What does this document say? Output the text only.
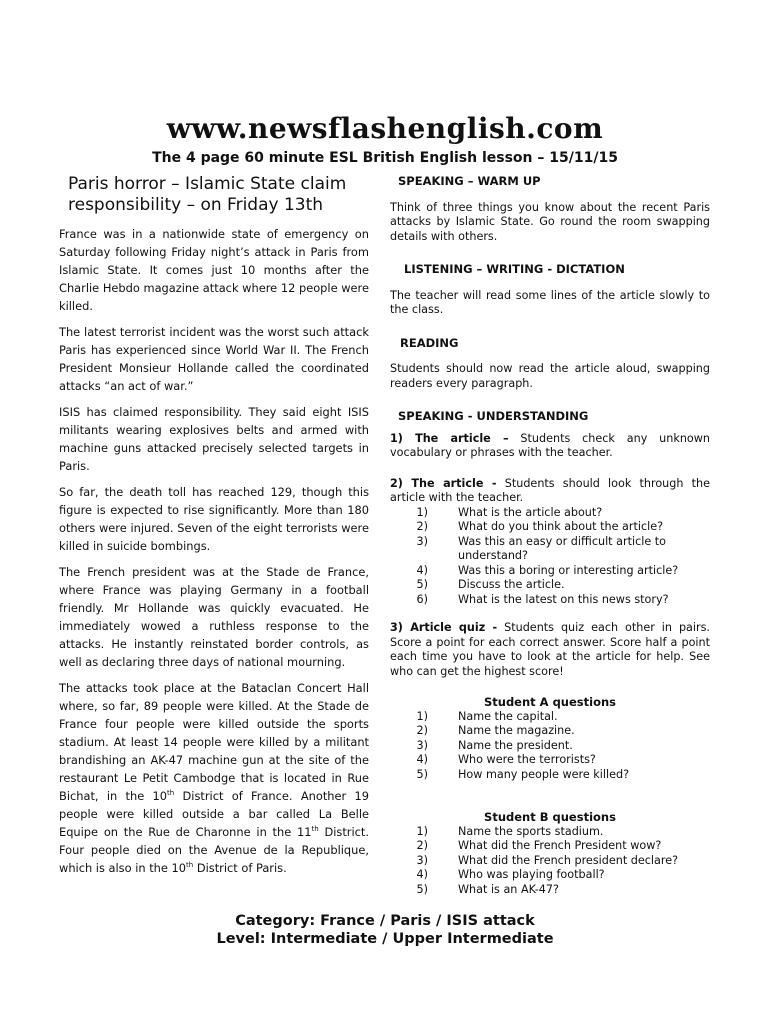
www.newsflashenglish.com

The 4 page 60 minute ESL British English lesson – 15/11/15

Paris horror – Islamic State claim responsibility – on Friday 13th

France was in a nationwide state of emergency on Saturday following Friday night’s attack in Paris from Islamic State. It comes just 10 months after the Charlie Hebdo magazine attack where 12 people were killed.

The latest terrorist incident was the worst such attack Paris has experienced since World War II. The French President Monsieur Hollande called the coordinated attacks “an act of war.”

ISIS has claimed responsibility. They said eight ISIS militants wearing explosives belts and armed with machine guns attacked precisely selected targets in Paris.

So far, the death toll has reached 129, though this figure is expected to rise significantly. More than 180 others were injured. Seven of the eight terrorists were killed in suicide bombings.

The French president was at the Stade de France, where France was playing Germany in a football friendly. Mr Hollande was quickly evacuated. He immediately wowed a ruthless response to the attacks. He instantly reinstated border controls, as well as declaring three days of national mourning.

The attacks took place at the Bataclan Concert Hall where, so far, 89 people were killed. At the Stade de France four people were killed outside the sports stadium. At least 14 people were killed by a militant brandishing an AK-47 machine gun at the site of the restaurant Le Petit Cambodge that is located in Rue Bichat, in the 10th District of France. Another 19 people were killed outside a bar called La Belle Equipe on the Rue de Charonne in the 11th District. Four people died on the Avenue de la Republique, which is also in the 10th District of Paris.

SPEAKING – WARM UP

Think of three things you know about the recent Paris attacks by Islamic State. Go round the room swapping details with others.

LISTENING – WRITING - DICTATION

The teacher will read some lines of the article slowly to the class.

READING

Students should now read the article aloud, swapping readers every paragraph.

SPEAKING - UNDERSTANDING

1) The article – Students check any unknown vocabulary or phrases with the teacher.

2) The article - Students should look through the article with the teacher.

1)	What is the article about?
2)	What do you think about the article?
3)	Was this an easy or difficult article to understand?
4)	Was this a boring or interesting article?
5)	Discuss the article.
6)	What is the latest on this news story?

3) Article quiz - Students quiz each other in pairs. Score a point for each correct answer. Score half a point each time you have to look at the article for help. See who can get the highest score!

Student A questions

1)	Name the capital.
2)	Name the magazine.
3)	Name the president.
4)	Who were the terrorists?
5)	How many people were killed?

Student B questions

1)	Name the sports stadium.
2)	What did the French President wow?
3)	What did the French president declare?
4)	Who was playing football?
5)	What is an AK-47?

Category: France / Paris / ISIS attack

Level: Intermediate / Upper Intermediate
